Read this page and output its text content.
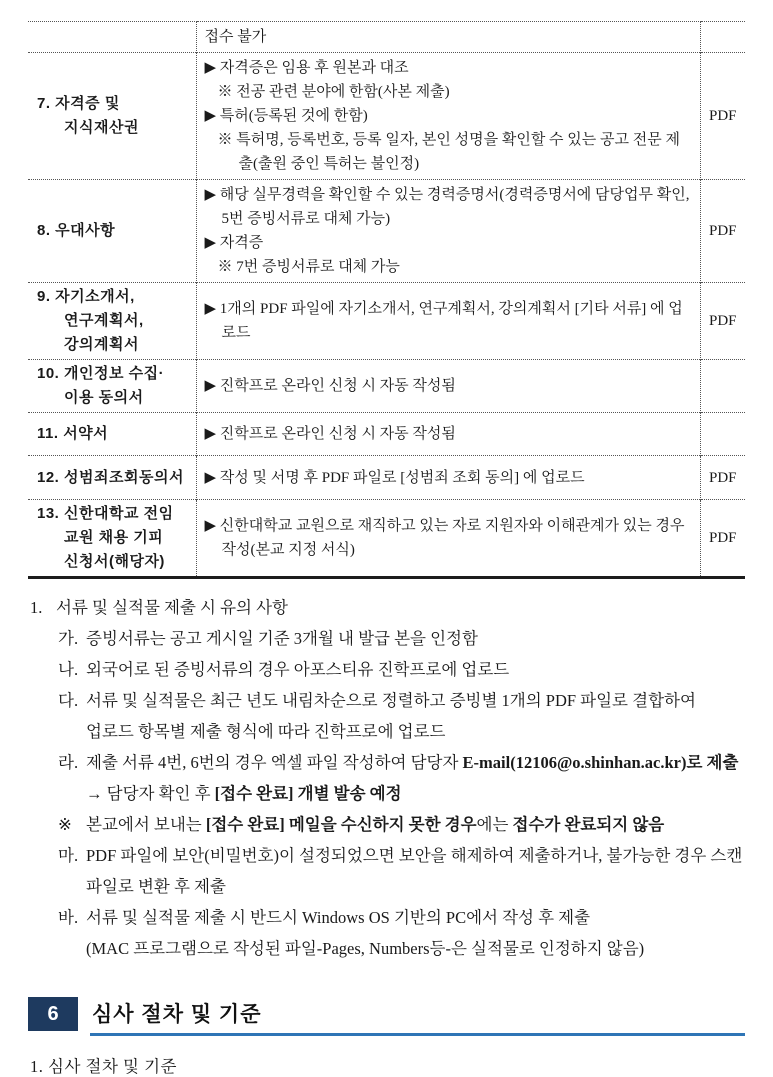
	접수 불가	

7. 자격증 및 지식재산권	▶ 자격증은 임용 후 원본과 대조
※ 전공 관련 분야에 한함(사본 제출)
▶ 특허(등록된 것에 한함)
※ 특허명, 등록번호, 등록 일자, 본인 성명을 확인할 수 있는 공고 전문 제출(출원 중인 특허는 불인정)	PDF

8. 우대사항	▶ 해당 실무경력을 확인할 수 있는 경력증명서(경력증명서에 담당업무 확인, 5번 증빙서류로 대체 가능)
▶ 자격증
※ 7번 증빙서류로 대체 가능	PDF

9. 자기소개서, 연구계획서, 강의계획서	▶ 1개의 PDF 파일에 자기소개서, 연구계획서, 강의계획서 [기타 서류] 에 업로드	PDF

10. 개인정보 수집·이용 동의서	▶ 진학프로 온라인 신청 시 자동 작성됨	

11. 서약서	▶ 진학프로 온라인 신청 시 자동 작성됨	

12. 성범죄조회동의서	▶ 작성 및 서명 후 PDF 파일로 [성범죄 조회 동의] 에 업로드	PDF

13. 신한대학교 전임 교원 채용 기피 신청서(해당자)	▶ 신한대학교 교원으로 재직하고 있는 자로 지원자와 이해관계가 있는 경우 작성(본교 지정 서식)	PDF
1. 서류 및 실적물 제출 시 유의 사항
가. 증빙서류는 공고 게시일 기준 3개월 내 발급 본을 인정함
나. 외국어로 된 증빙서류의 경우 아포스티유 진학프로에 업로드
다. 서류 및 실적물은 최근 년도 내림차순으로 정렬하고 증빙별 1개의 PDF 파일로 결합하여 업로드 항목별 제출 형식에 따라 진학프로에 업로드
라. 제출 서류 4번, 6번의 경우 엑셀 파일 작성하여 담당자 E-mail(12106@o.shinhan.ac.kr)로 제출 → 담당자 확인 후 [접수 완료] 개별 발송 예정
※ 본교에서 보내는 [접수 완료] 메일을 수신하지 못한 경우에는 접수가 완료되지 않음
마. PDF 파일에 보안(비밀번호)이 설정되었으면 보안을 해제하여 제출하거나, 불가능한 경우 스캔 파일로 변환 후 제출
바. 서류 및 실적물 제출 시 반드시 Windows OS 기반의 PC에서 작성 후 제출
(MAC 프로그램으로 작성된 파일-Pages, Numbers등-은 실적물로 인정하지 않음)
6	심사 절차 및 기준
1. 심사 절차 및 기준
